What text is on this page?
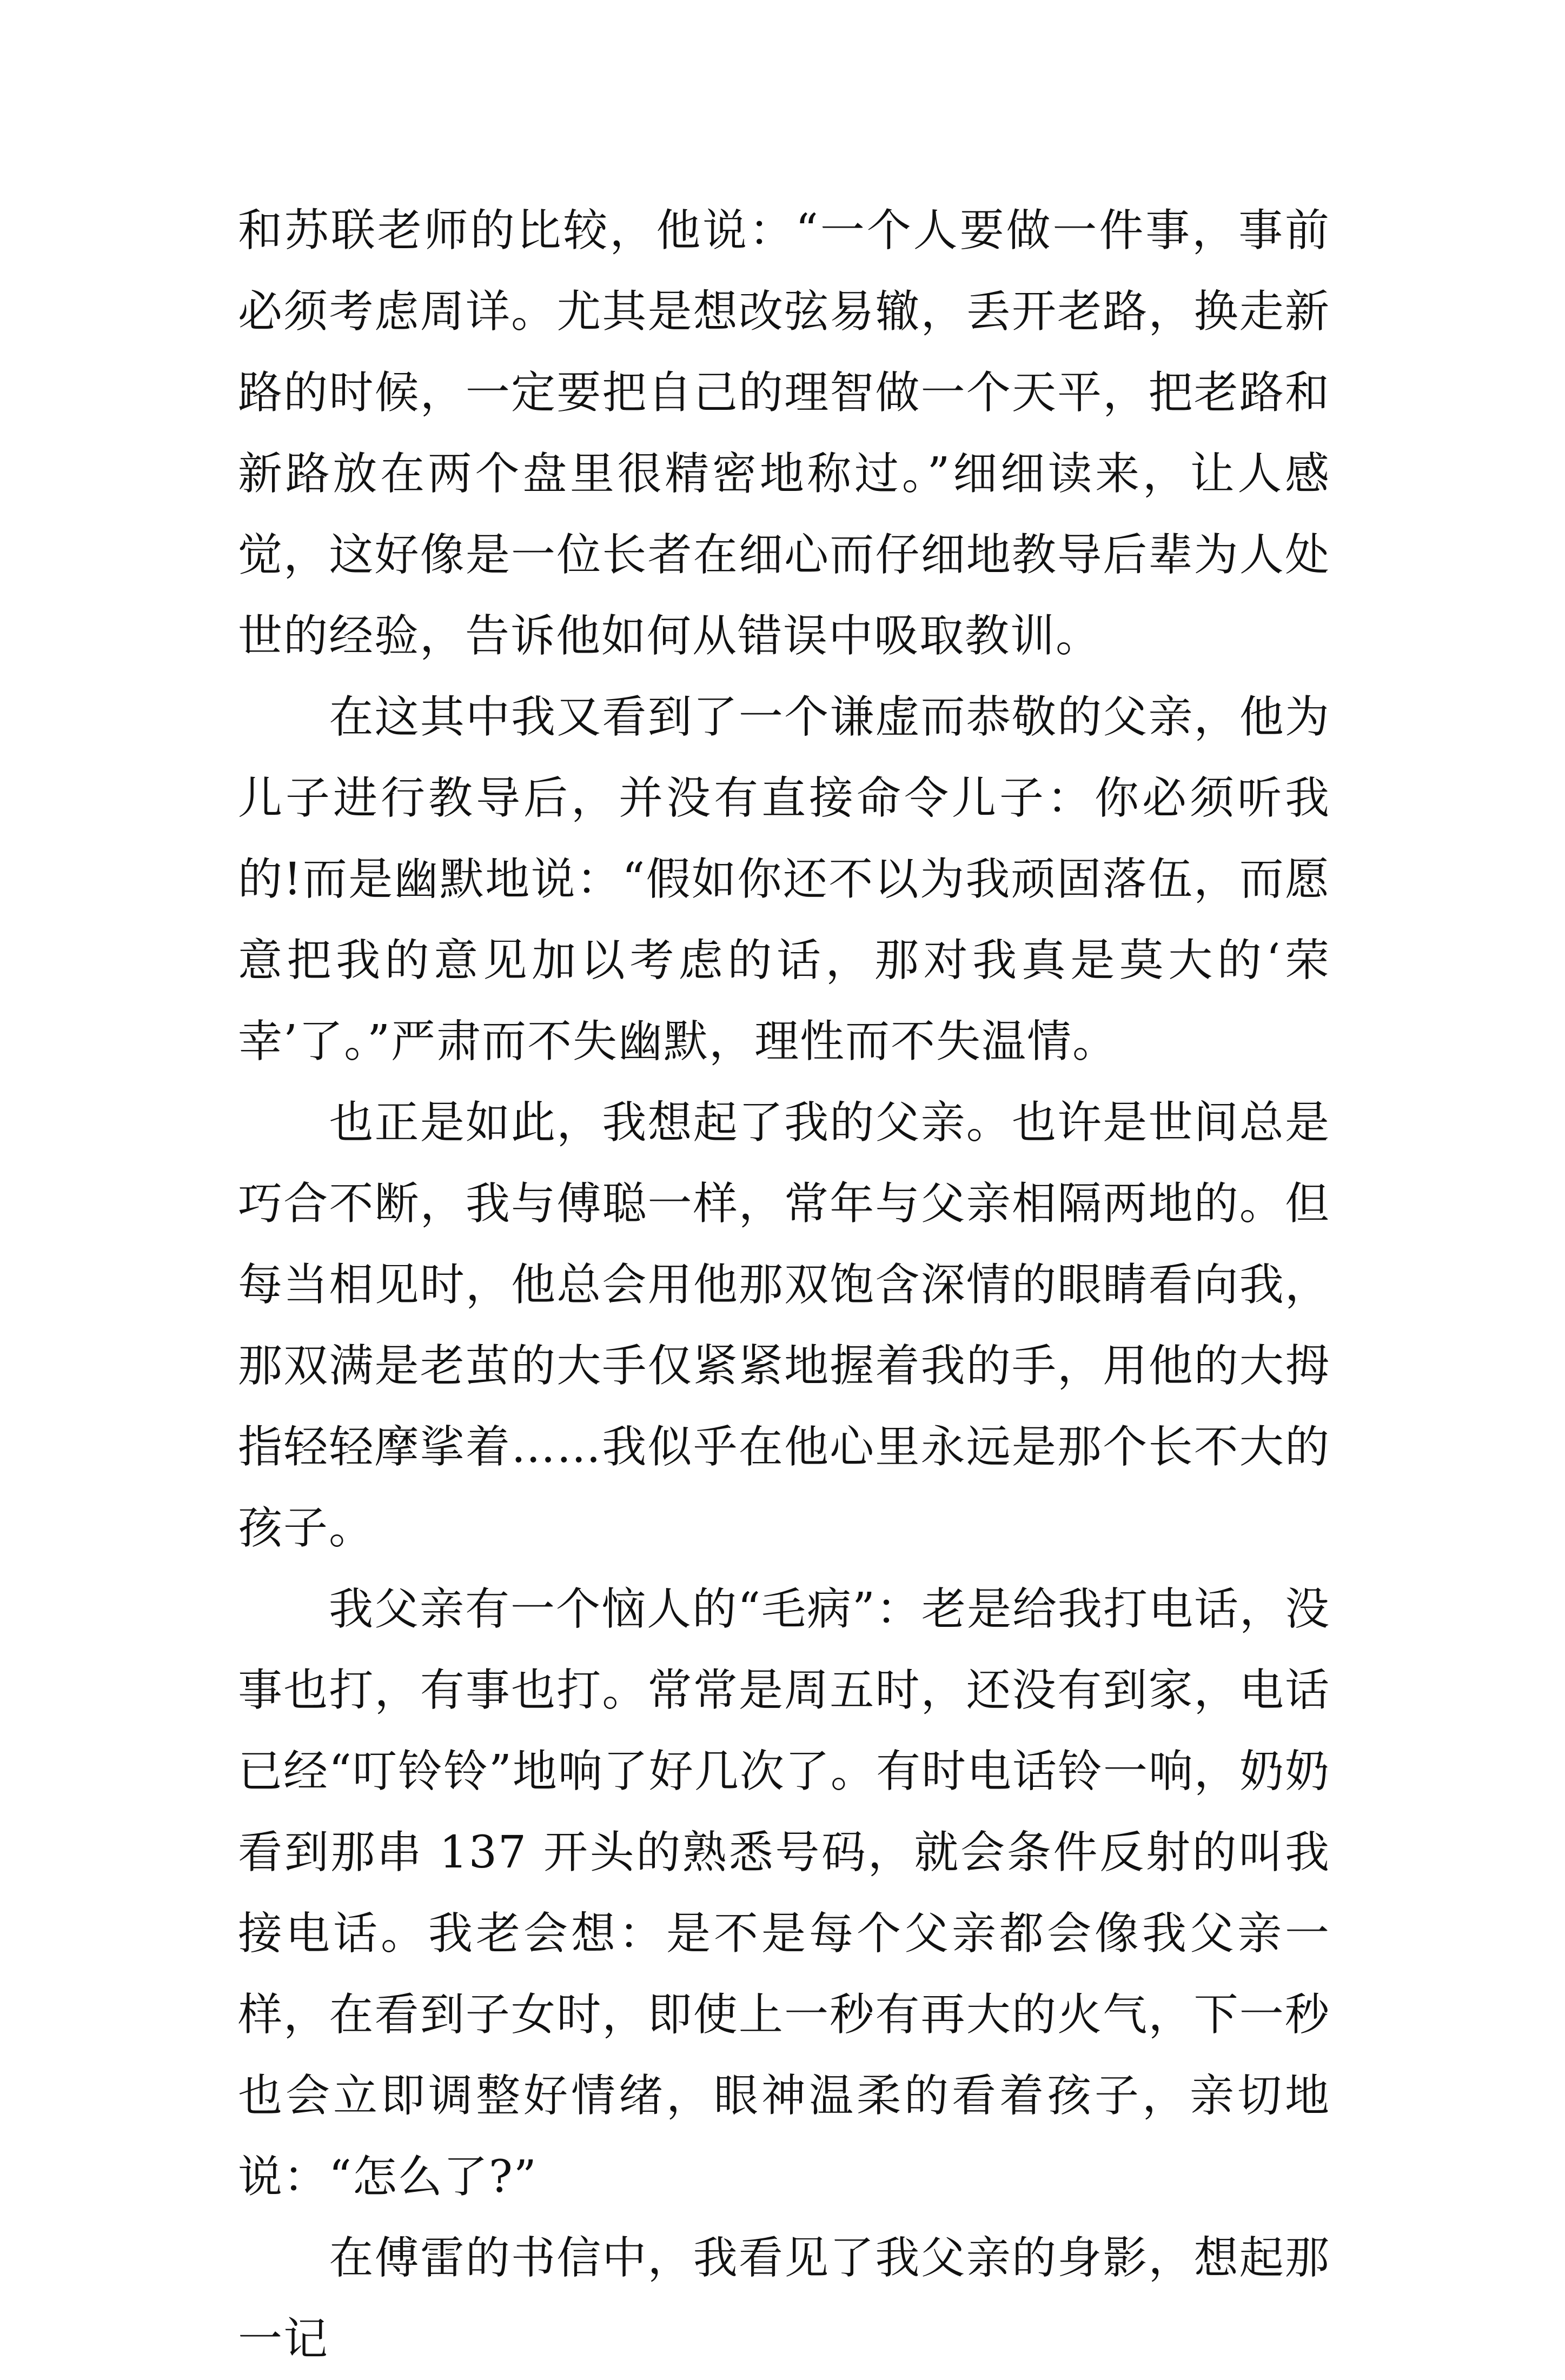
和苏联老师的比较，他说：“一个人要做一件事，事前必须考虑周详。尤其是想改弦易辙，丢开老路，换走新路的时候，一定要把自己的理智做一个天平，把老路和新路放在两个盘里很精密地称过。”细细读来，让人感觉，这好像是一位长者在细心而仔细地教导后辈为人处世的经验，告诉他如何从错误中吸取教训。

　　在这其中我又看到了一个谦虚而恭敬的父亲，他为儿子进行教导后，并没有直接命令儿子：你必须听我的!而是幽默地说：“假如你还不以为我顽固落伍，而愿意把我的意见加以考虑的话，那对我真是莫大的‘荣幸’了。”严肃而不失幽默，理性而不失温情。

　　也正是如此，我想起了我的父亲。也许是世间总是巧合不断，我与傅聪一样，常年与父亲相隔两地的。但每当相见时，他总会用他那双饱含深情的眼睛看向我，那双满是老茧的大手仅紧紧地握着我的手，用他的大拇指轻轻摩挲着……我似乎在他心里永远是那个长不大的孩子。

　　我父亲有一个恼人的“毛病”：老是给我打电话，没事也打，有事也打。常常是周五时，还没有到家，电话已经“叮铃铃”地响了好几次了。有时电话铃一响，奶奶看到那串 137 开头的熟悉号码，就会条件反射的叫我接电话。我老会想：是不是每个父亲都会像我父亲一样，在看到子女时，即使上一秒有再大的火气，下一秒也会立即调整好情绪，眼神温柔的看着孩子，亲切地说：“怎么了?”

　　在傅雷的书信中，我看见了我父亲的身影，想起那一记
